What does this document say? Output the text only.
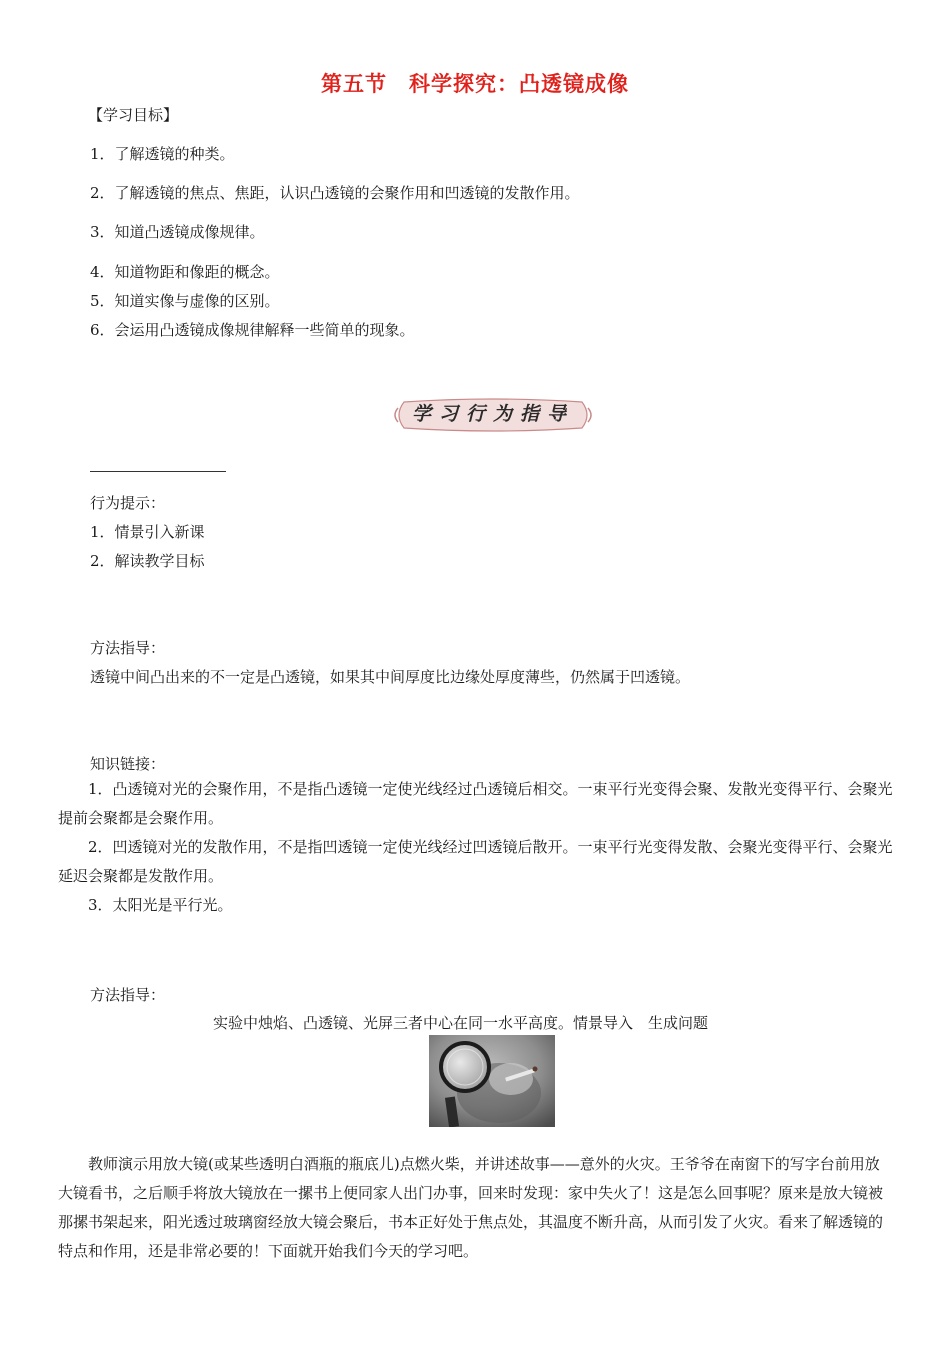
第五节　科学探究：凸透镜成像
【学习目标】
1．了解透镜的种类。
2．了解透镜的焦点、焦距，认识凸透镜的会聚作用和凹透镜的发散作用。
3．知道凸透镜成像规律。
4．知道物距和像距的概念。
5．知道实像与虚像的区别。
6．会运用凸透镜成像规律解释一些简单的现象。
学习行为指导
行为提示：
1．情景引入新课
2．解读教学目标
方法指导：
透镜中间凸出来的不一定是凸透镜，如果其中间厚度比边缘处厚度薄些，仍然属于凹透镜。
知识链接：

1．凸透镜对光的会聚作用，不是指凸透镜一定使光线经过凸透镜后相交。一束平行光变得会聚、发散光变得平行、会聚光提前会聚都是会聚作用。

2．凹透镜对光的发散作用，不是指凹透镜一定使光线经过凹透镜后散开。一束平行光变得发散、会聚光变得平行、会聚光延迟会聚都是发散作用。

3．太阳光是平行光。

方法指导：
实验中烛焰、凸透镜、光屏三者中心在同一水平高度。情景导入　生成问题

教师演示用放大镜(或某些透明白酒瓶的瓶底儿)点燃火柴，并讲述故事——意外的火灾。王爷爷在南窗下的写字台前用放大镜看书，之后顺手将放大镜放在一摞书上便同家人出门办事，回来时发现：家中失火了！这是怎么回事呢？原来是放大镜被那摞书架起来，阳光透过玻璃窗经放大镜会聚后，书本正好处于焦点处，其温度不断升高，从而引发了火灾。看来了解透镜的特点和作用，还是非常必要的！下面就开始我们今天的学习吧。
